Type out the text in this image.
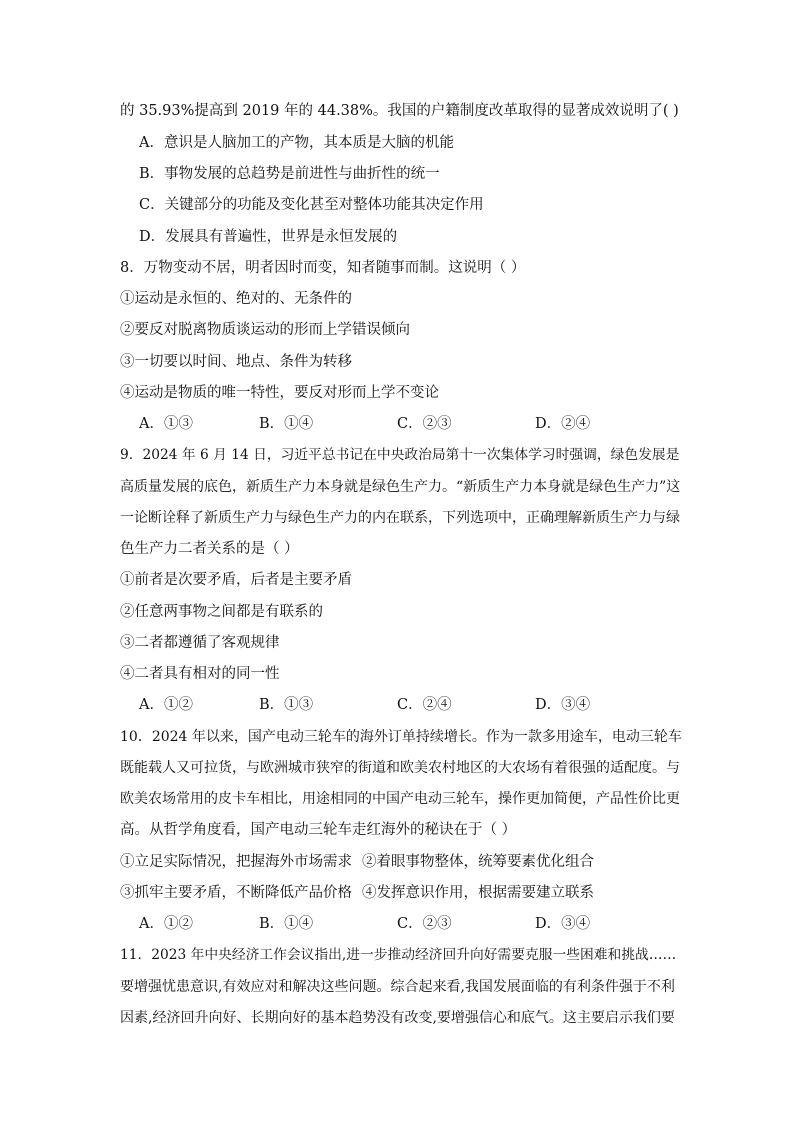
的 35.93%提高到 2019 年的 44.38%。我国的户籍制度改革取得的显著成效说明了( )
A．意识是人脑加工的产物，其本质是大脑的机能
B．事物发展的总趋势是前进性与曲折性的统一
C．关键部分的功能及变化甚至对整体功能其决定作用
D．发展具有普遍性，世界是永恒发展的
8．万物变动不居，明者因时而变，知者随事而制。这说明（ ）
①运动是永恒的、绝对的、无条件的
②要反对脱离物质谈运动的形而上学错误倾向
③一切要以时间、地点、条件为转移
④运动是物质的唯一特性，要反对形而上学不变论
A．①③	B．①④	C．②③	D．②④
9．2024 年 6 月 14 日，习近平总书记在中央政治局第十一次集体学习时强调，绿色发展是
高质量发展的底色，新质生产力本身就是绿色生产力。“新质生产力本身就是绿色生产力”这
一论断诠释了新质生产力与绿色生产力的内在联系，下列选项中，正确理解新质生产力与绿
色生产力二者关系的是（ ）
①前者是次要矛盾，后者是主要矛盾
②任意两事物之间都是有联系的
③二者都遵循了客观规律
④二者具有相对的同一性
A．①②	B．①③	C．②④	D．③④
10．2024 年以来，国产电动三轮车的海外订单持续增长。作为一款多用途车，电动三轮车
既能载人又可拉货，与欧洲城市狭窄的街道和欧美农村地区的大农场有着很强的适配度。与
欧美农场常用的皮卡车相比，用途相同的中国产电动三轮车，操作更加简便，产品性价比更
高。从哲学角度看，国产电动三轮车走红海外的秘诀在于（ ）
①立足实际情况，把握海外市场需求 ②着眼事物整体，统筹要素优化组合
③抓牢主要矛盾，不断降低产品价格 ④发挥意识作用，根据需要建立联系
A．①②	B．①④	C．②③	D．③④
11．2023 年中央经济工作会议指出,进一步推动经济回升向好需要克服一些困难和挑战……
要增强忧患意识,有效应对和解决这些问题。综合起来看,我国发展面临的有利条件强于不利
因素,经济回升向好、长期向好的基本趋势没有改变,要增强信心和底气。这主要启示我们要
